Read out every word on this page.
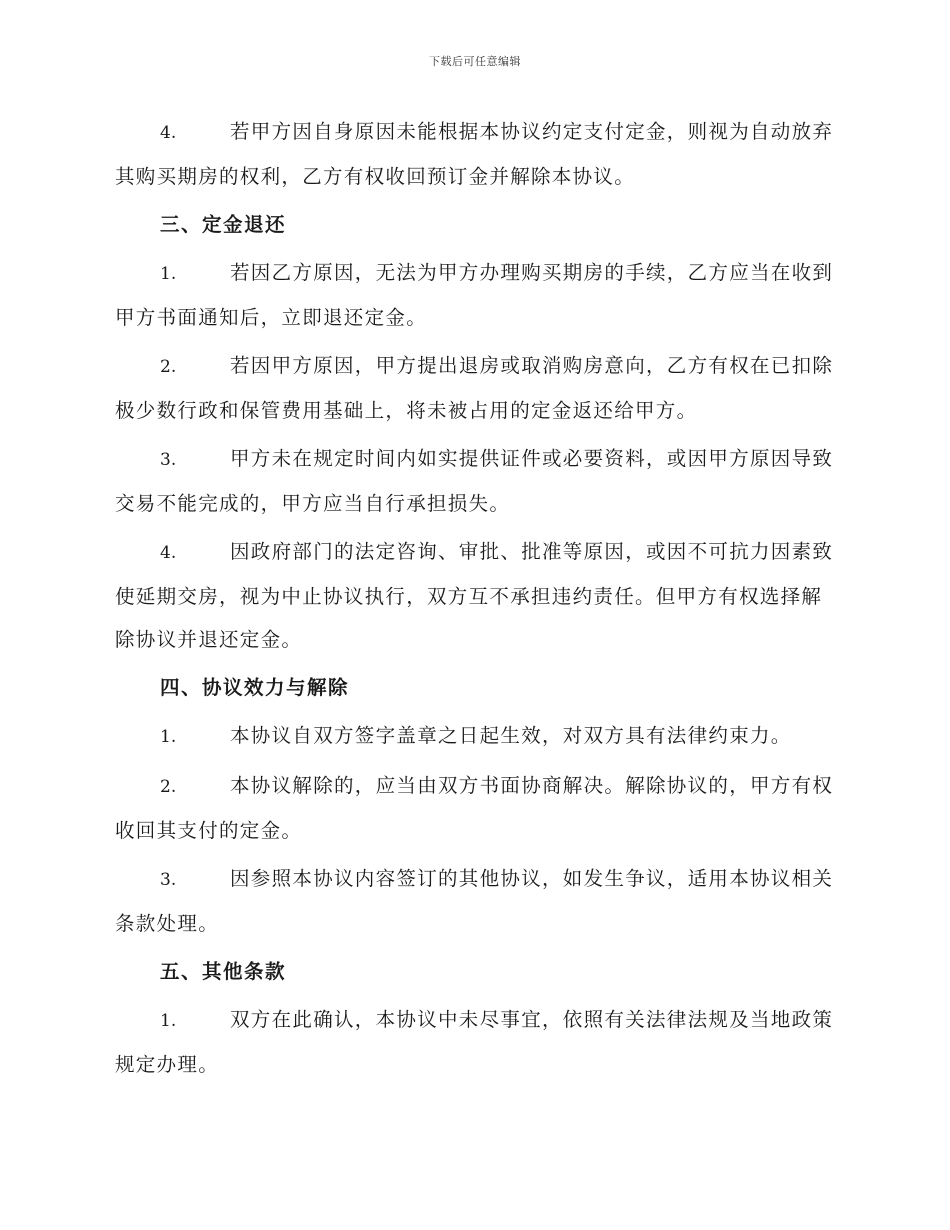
下载后可任意编辑

4.	若甲方因自身原因未能根据本协议约定支付定金，则视为自动放弃其购买期房的权利，乙方有权收回预订金并解除本协议。

三、定金退还

1.	若因乙方原因，无法为甲方办理购买期房的手续，乙方应当在收到甲方书面通知后，立即退还定金。

2.	若因甲方原因，甲方提出退房或取消购房意向，乙方有权在已扣除极少数行政和保管费用基础上，将未被占用的定金返还给甲方。

3.	甲方未在规定时间内如实提供证件或必要资料，或因甲方原因导致交易不能完成的，甲方应当自行承担损失。

4.	因政府部门的法定咨询、审批、批准等原因，或因不可抗力因素致使延期交房，视为中止协议执行，双方互不承担违约责任。但甲方有权选择解除协议并退还定金。

四、协议效力与解除

1.	本协议自双方签字盖章之日起生效，对双方具有法律约束力。

2.	本协议解除的，应当由双方书面协商解决。解除协议的，甲方有权收回其支付的定金。

3.	因参照本协议内容签订的其他协议，如发生争议，适用本协议相关条款处理。

五、其他条款

1.	双方在此确认，本协议中未尽事宜，依照有关法律法规及当地政策规定办理。
